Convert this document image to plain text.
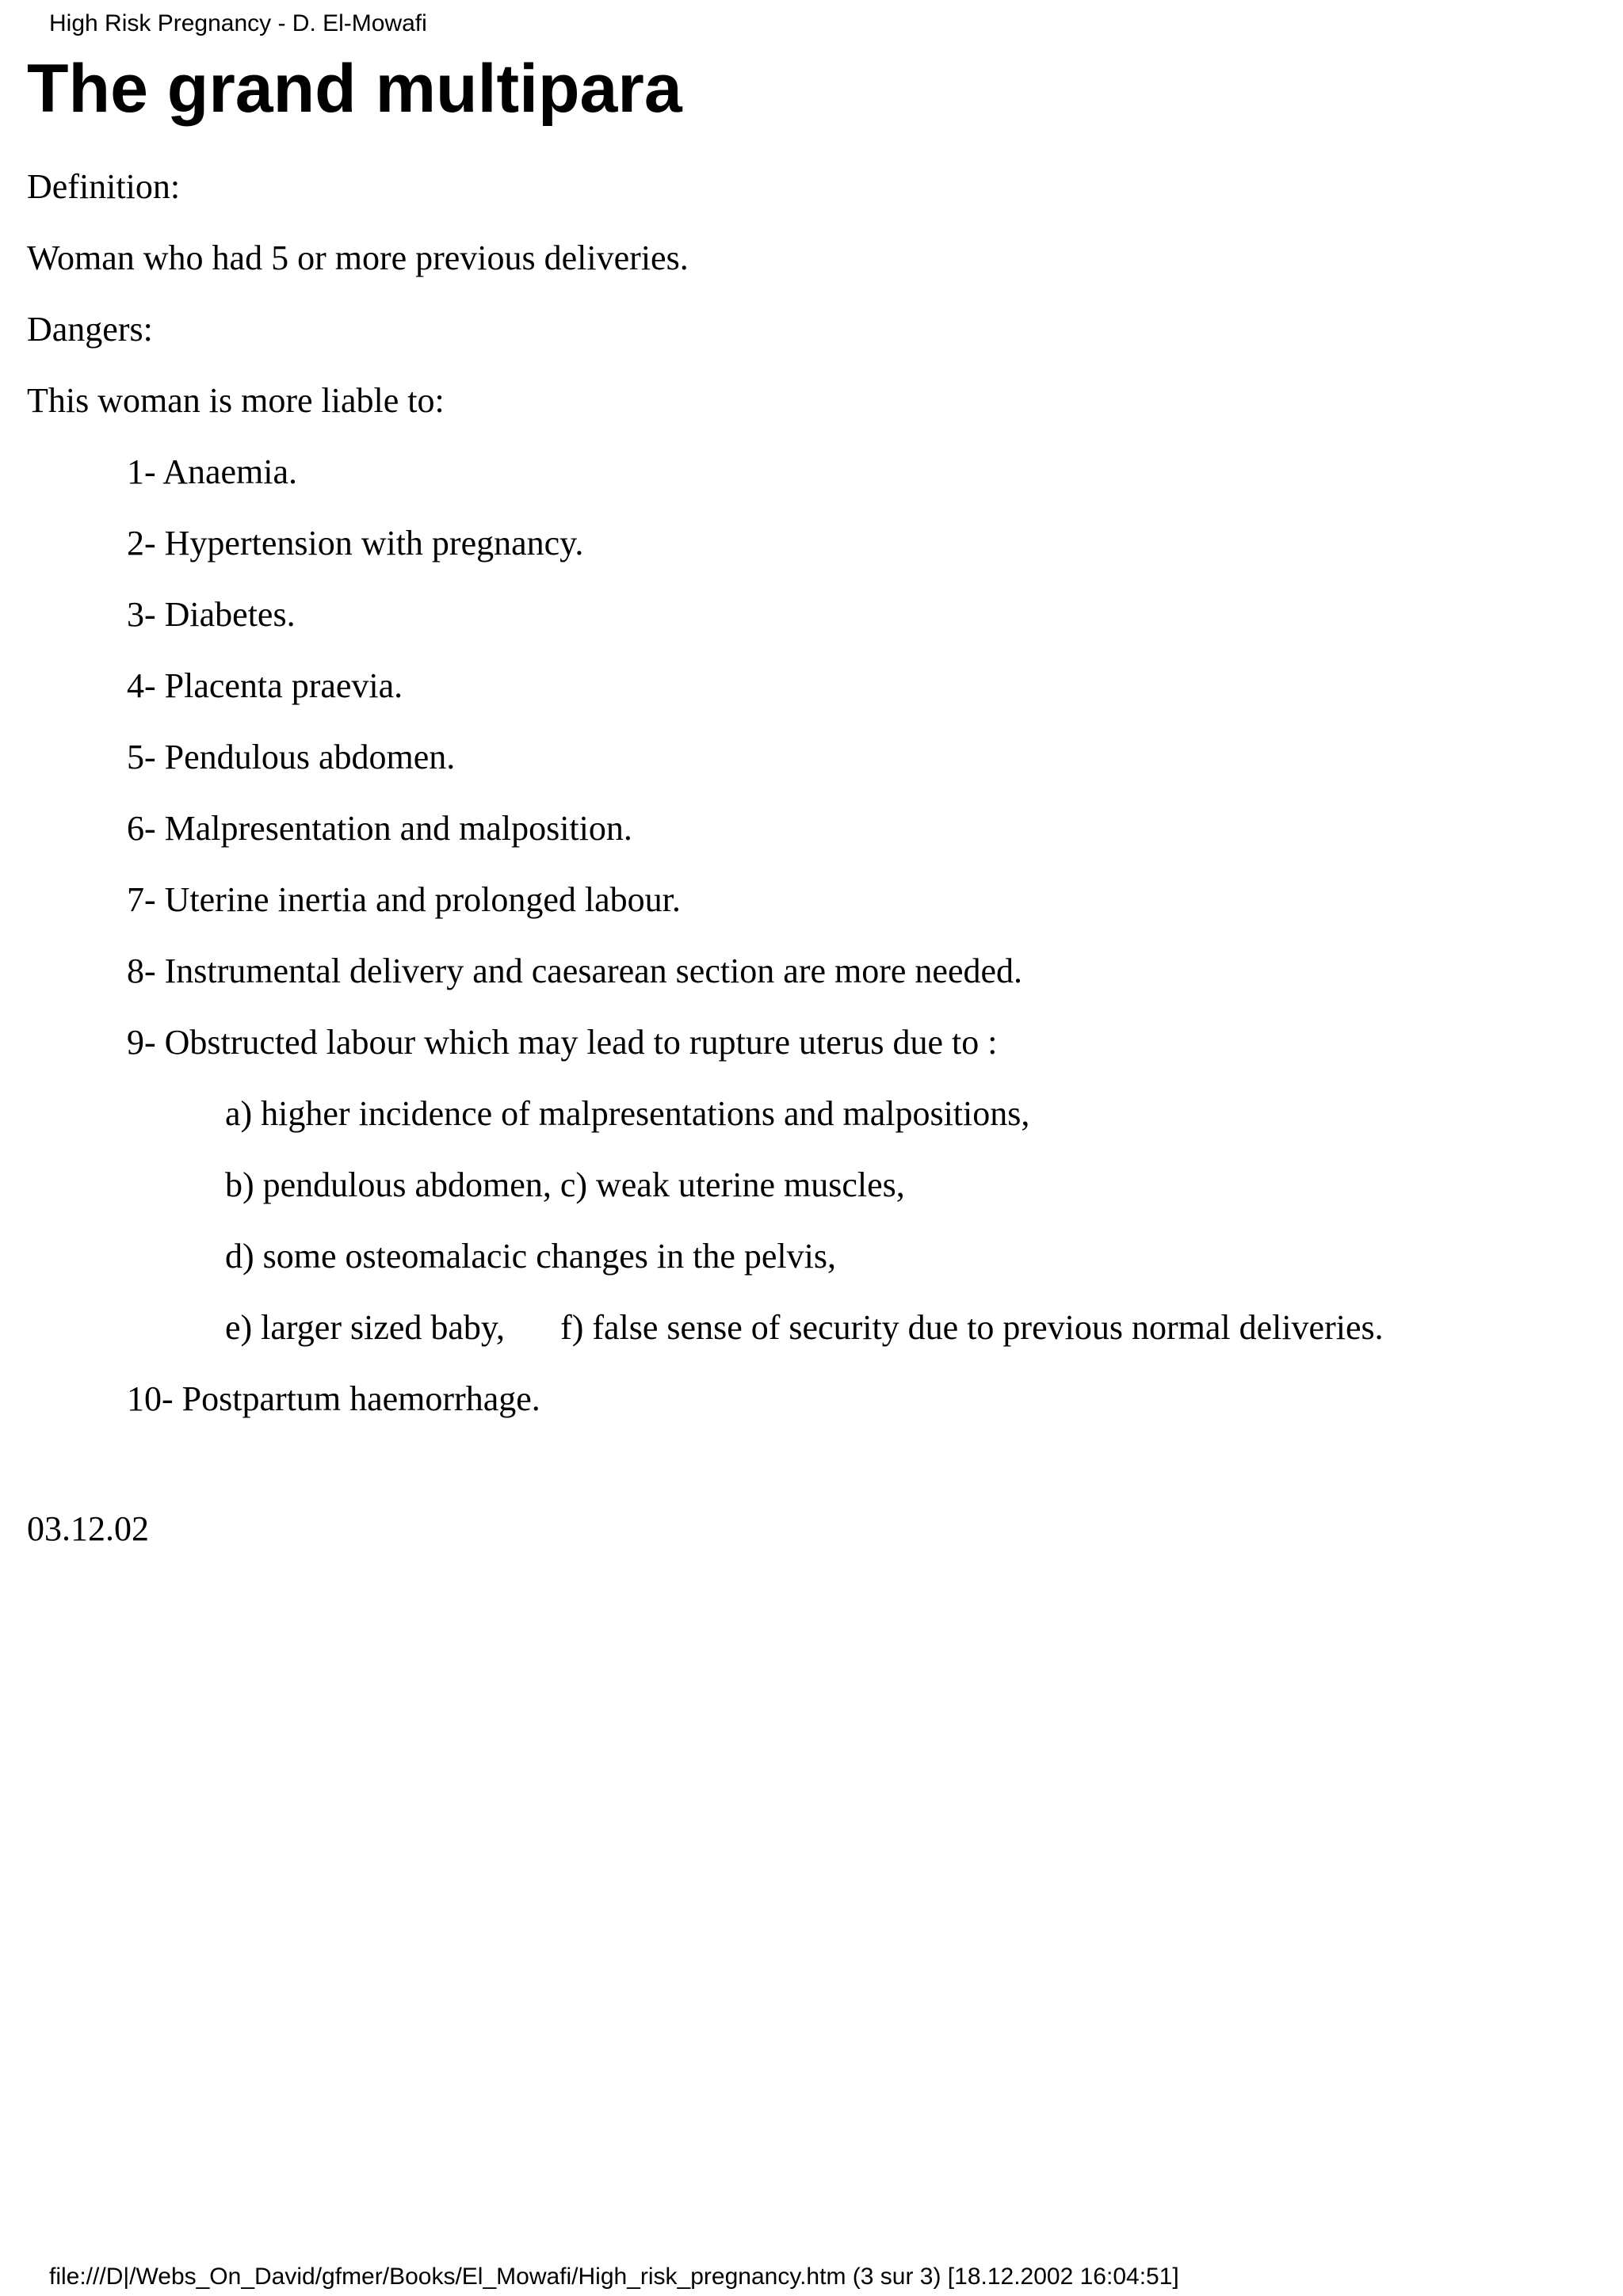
High Risk Pregnancy - D. El-Mowafi
The grand multipara

Definition:

Woman who had 5 or more previous deliveries.

Dangers:

This woman is more liable to:

1- Anaemia.
2- Hypertension with pregnancy.
3- Diabetes.
4- Placenta praevia.
5- Pendulous abdomen.
6- Malpresentation and malposition.
7- Uterine inertia and prolonged labour.
8- Instrumental delivery and caesarean section are more needed.
9- Obstructed labour which may lead to rupture uterus due to :
a) higher incidence of malpresentations and malpositions,
b) pendulous abdomen, c) weak uterine muscles,
d) some osteomalacic changes in the pelvis,
e) larger sized baby, f) false sense of security due to previous normal deliveries.
10- Postpartum haemorrhage.

03.12.02

file:///D|/Webs_On_David/gfmer/Books/El_Mowafi/High_risk_pregnancy.htm (3 sur 3) [18.12.2002 16:04:51]
